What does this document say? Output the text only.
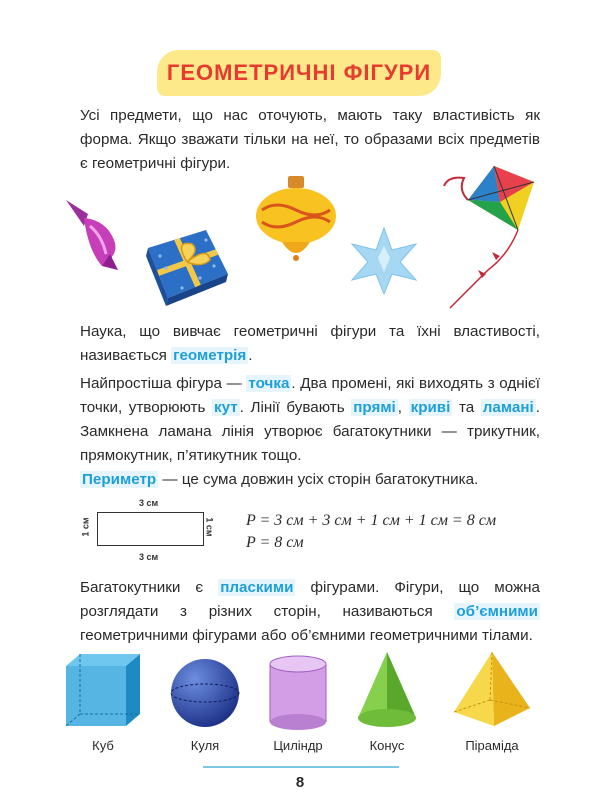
ГЕОМЕТРИЧНІ ФІГУРИ

Усі предмети, що нас оточують, мають таку властивість як форма. Якщо зважати тільки на неї, то образами всіх предметів є геометричні фігури.

Наука, що вивчає геометричні фігури та їхні властивості, називається геометрія .

Найпростіша фігура — точка . Два промені, які виходять з однієї точки, утворюють кут . Лінії бувають прямі , криві та ламані . Замкнена ламана лінія утворює багатокутники — трикутник, прямокутник, п’ятикутник тощо.

Периметр — це сума довжин усіх сторін багатокутника.

3 см
3 см
1 см	1 см P = 3 см + 3 см + 1 см + 1 см = 8 см
P = 8 см

Багатокутники є пласкими фігурами. Фігури, що можна розглядати з різних сторін, називаються об’ємними геометричними фігурами або об’ємними геометричними тілами.

Куб	Куля	Циліндр	Конус	Піраміда
8
